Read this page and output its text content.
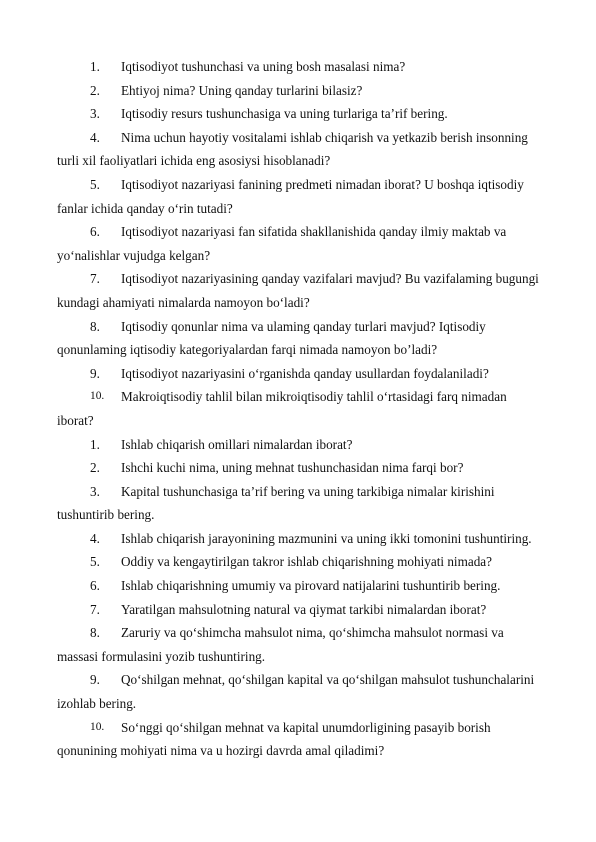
1. Iqtisodiyot tushunchasi va uning bosh masalasi nima?
2. Ehtiyoj nima? Uning qanday turlarini bilasiz?
3. Iqtisodiy resurs tushunchasiga va uning turlariga ta’rif bering.
4. Nima uchun hayotiy vositalami ishlab chiqarish va yetkazib berish insonning
turli xil faoliyatlari ichida eng asosiysi hisoblanadi?
5. Iqtisodiyot nazariyasi fanining predmeti nimadan iborat? U boshqa iqtisodiy
fanlar ichida qanday o‘rin tutadi?
6. Iqtisodiyot nazariyasi fan sifatida shakllanishida qanday ilmiy maktab va
yo‘nalishlar vujudga kelgan?
7. Iqtisodiyot nazariyasining qanday vazifalari mavjud? Bu vazifalaming bugungi
kundagi ahamiyati nimalarda namoyon bo‘ladi?
8. Iqtisodiy qonunlar nima va ulaming qanday turlari mavjud? Iqtisodiy
qonunlaming iqtisodiy kategoriyalardan farqi nimada namoyon bo’ladi?
9. Iqtisodiyot nazariyasini o‘rganishda qanday usullardan foydalaniladi?
10. Makroiqtisodiy tahlil bilan mikroiqtisodiy tahlil o‘rtasidagi farq nimadan
iborat?
1. Ishlab chiqarish omillari nimalardan iborat?
2. Ishchi kuchi nima, uning mehnat tushunchasidan nima farqi bor?
3. Kapital tushunchasiga ta’rif bering va uning tarkibiga nimalar kirishini
tushuntirib bering.
4. Ishlab chiqarish jarayonining mazmunini va uning ikki tomonini tushuntiring.
5. Oddiy va kengaytirilgan takror ishlab chiqarishning mohiyati nimada?
6. Ishlab chiqarishning umumiy va pirovard natijalarini tushuntirib bering.
7. Yaratilgan mahsulotning natural va qiymat tarkibi nimalardan iborat?
8. Zaruriy va qo‘shimcha mahsulot nima, qo‘shimcha mahsulot normasi va
massasi formulasini yozib tushuntiring.
9. Qo‘shilgan mehnat, qo‘shilgan kapital va qo‘shilgan mahsulot tushunchalarini
izohlab bering.
10. So‘nggi qo‘shilgan mehnat va kapital unumdorligining pasayib borish
qonunining mohiyati nima va u hozirgi davrda amal qiladimi?
